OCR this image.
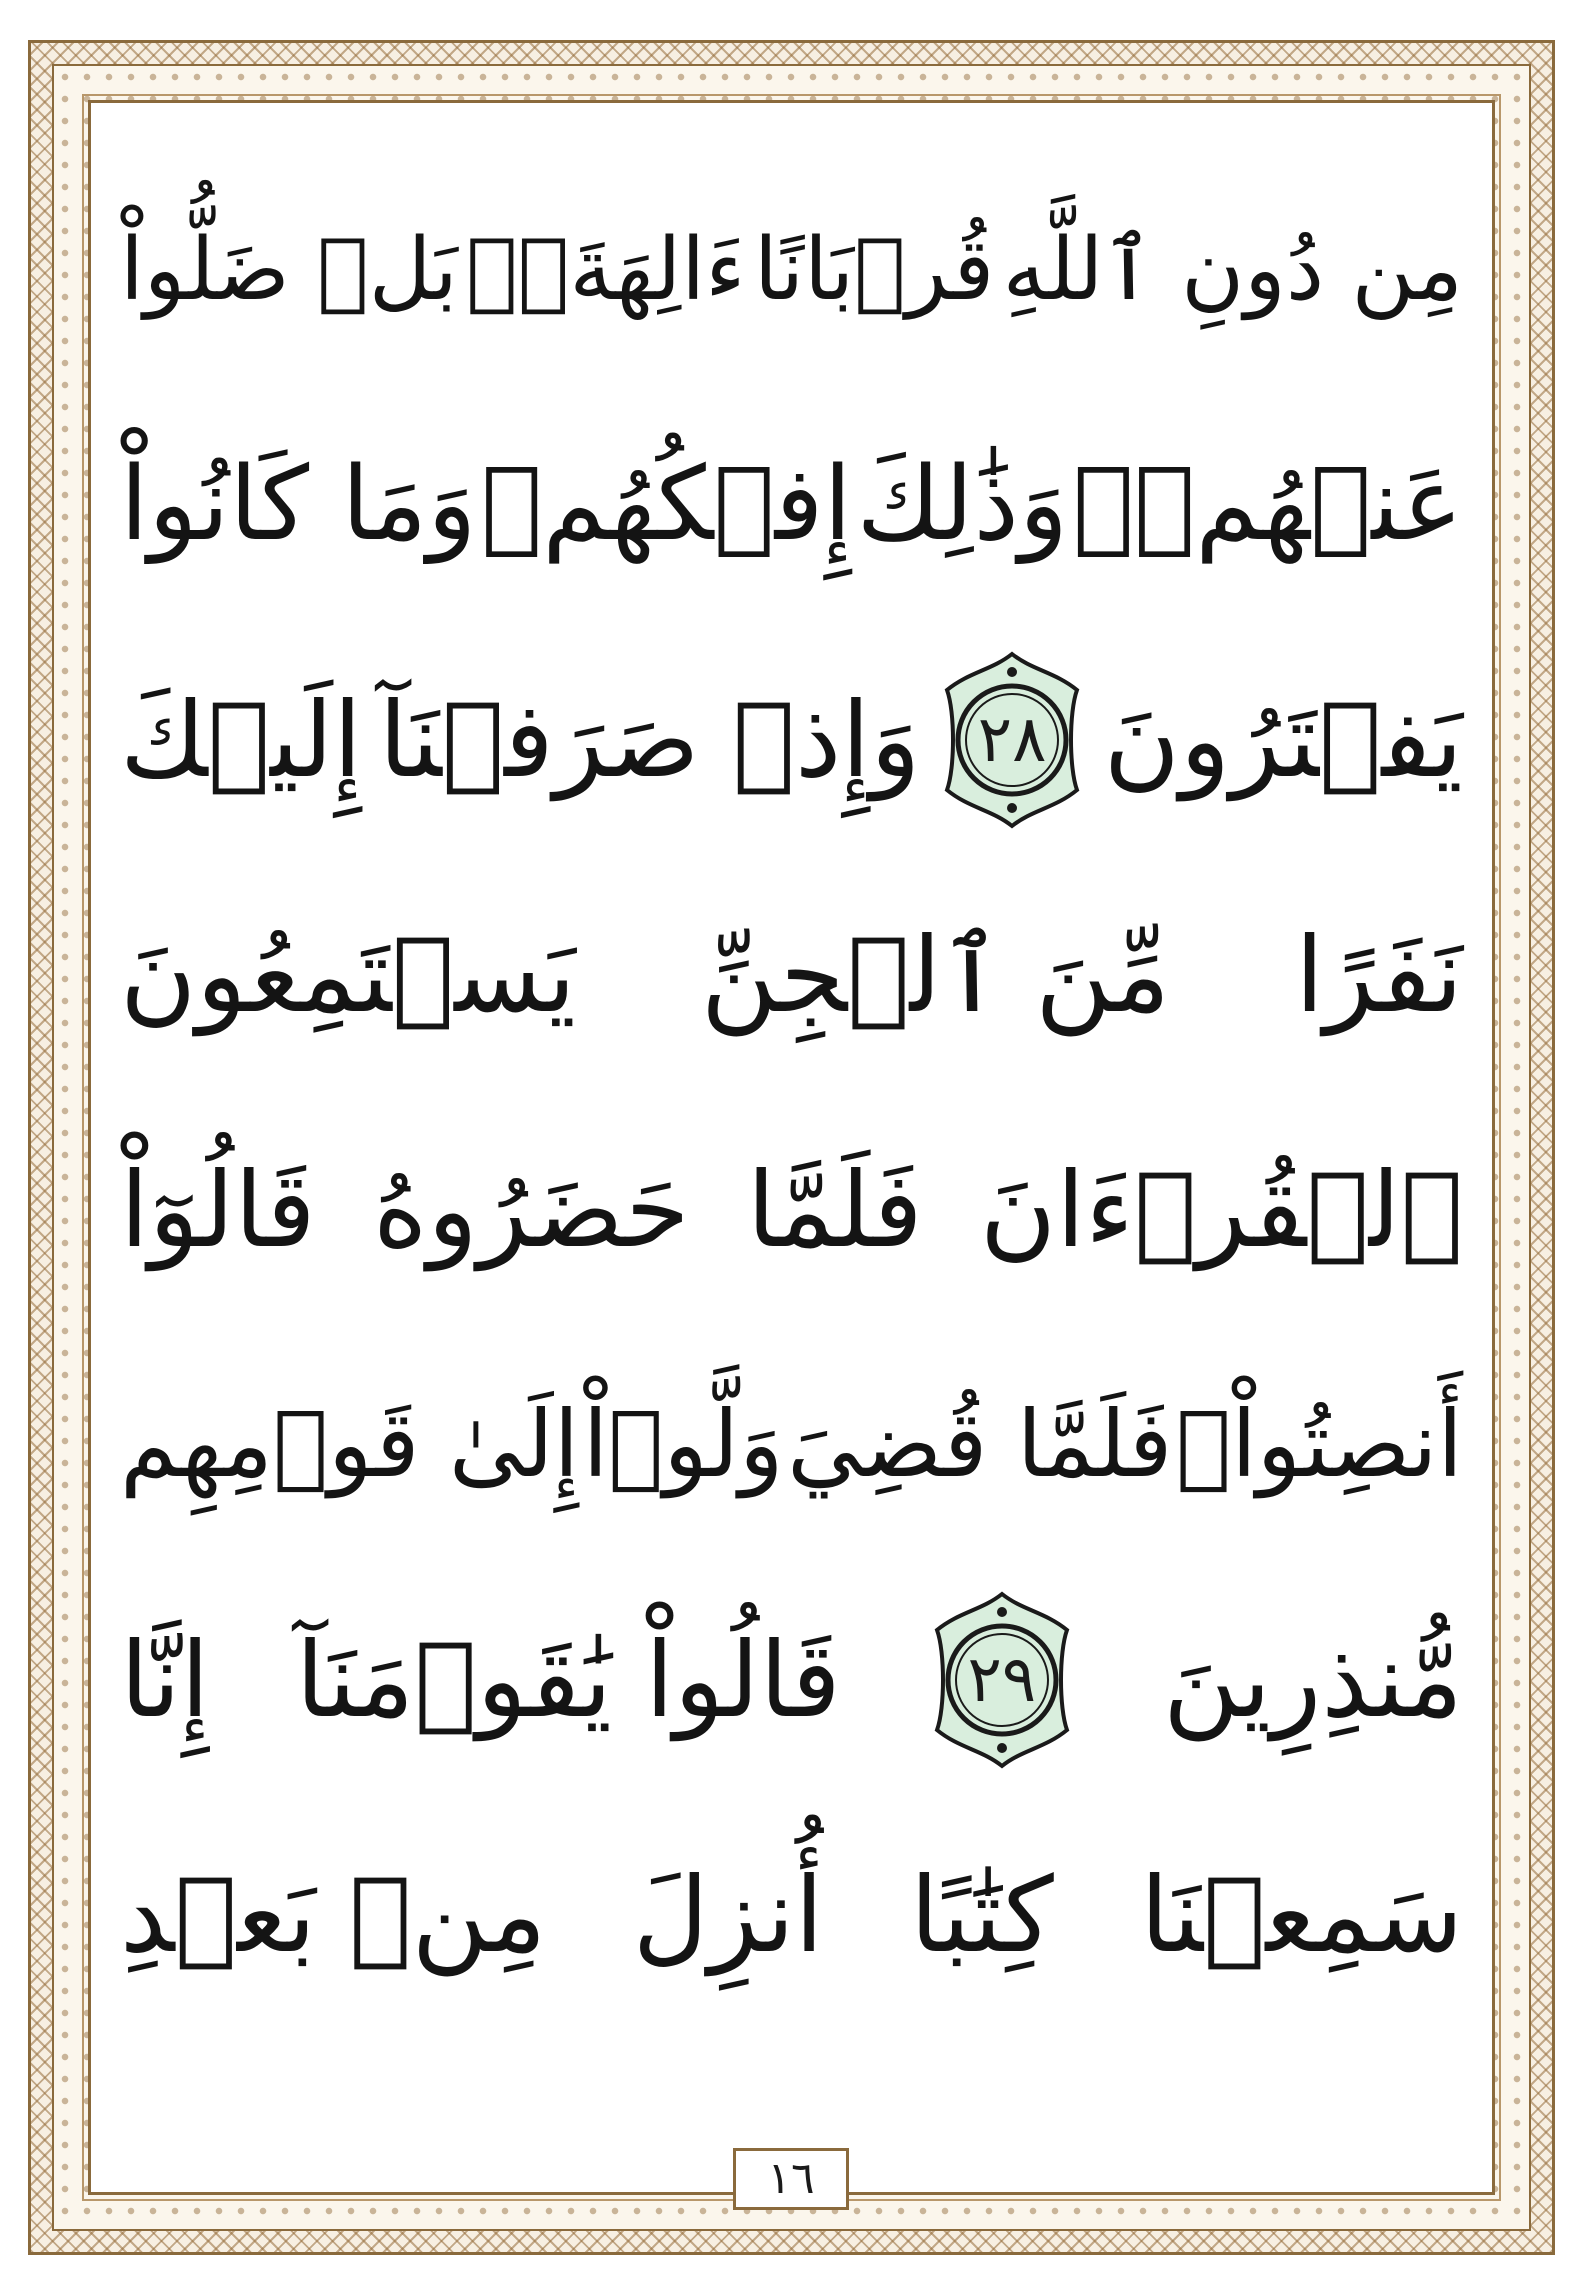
مِن دُونِ ٱللَّهِ
قُرۡبَانًا
ءَالِهَةَۢۖ
بَلۡ ضَلُّواْ
عَنۡهُمۡۚ
وَذَٰلِكَ
إِفۡكُهُمۡ
وَمَا كَانُواْ
يَفۡتَرُونَ
٢٨
وَإِذۡ صَرَفۡنَآ
إِلَيۡكَ
نَفَرًا
مِّنَ ٱلۡجِنِّ
يَسۡتَمِعُونَ
ٱلۡقُرۡءَانَ
فَلَمَّا
حَضَرُوهُ
قَالُوٓاْ
أَنصِتُواْۖ
فَلَمَّا قُضِيَ
وَلَّوۡاْ
إِلَىٰ قَوۡمِهِم
مُّنذِرِينَ
٢٩
قَالُواْ يَٰقَوۡمَنَآ
إِنَّا
سَمِعۡنَا
كِتَٰبًا
أُنزِلَ
مِنۢ بَعۡدِ
١٦
